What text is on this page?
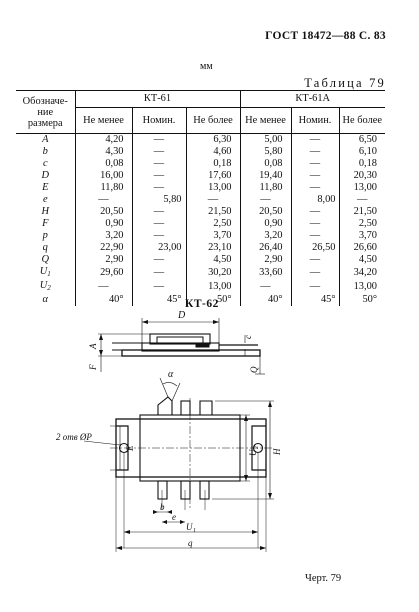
ГОСТ 18472—88 С. 83
мм
Таблица 79
Обозначе-
ние
размера	КТ-61			КТ-61А		
	Не менее	Номин.	Не более	Не менее	Номин.	Не более
A	4,20	—	6,30	5,00	—	6,50
b	4,30	—	4,60	5,80	—	6,10
c	0,08	—	0,18	0,08	—	0,18
D	16,00	—	17,60	19,40	—	20,30
E	11,80	—	13,00	11,80	—	13,00
e	—	5,80	—	—	8,00	—
H	20,50	—	21,50	20,50	—	21,50
F	0,90	—	2,50	0,90	—	2,50
p	3,20	—	3,70	3,20	—	3,70
q	22,90	23,00	23,10	26,40	26,50	26,60
Q	2,90	—	4,50	2,90	—	4,50
$U_1$	29,60	—	30,20	33,60	—	34,20
$U_2$	—	—	13,00	—	—	13,00
α	40°	45°	50°	40°	45°	50°
КТ-62
D
c
A
F	Q
α
E
U
2
H
b
e
U 1
q
2 отв ØP
Черт. 79
